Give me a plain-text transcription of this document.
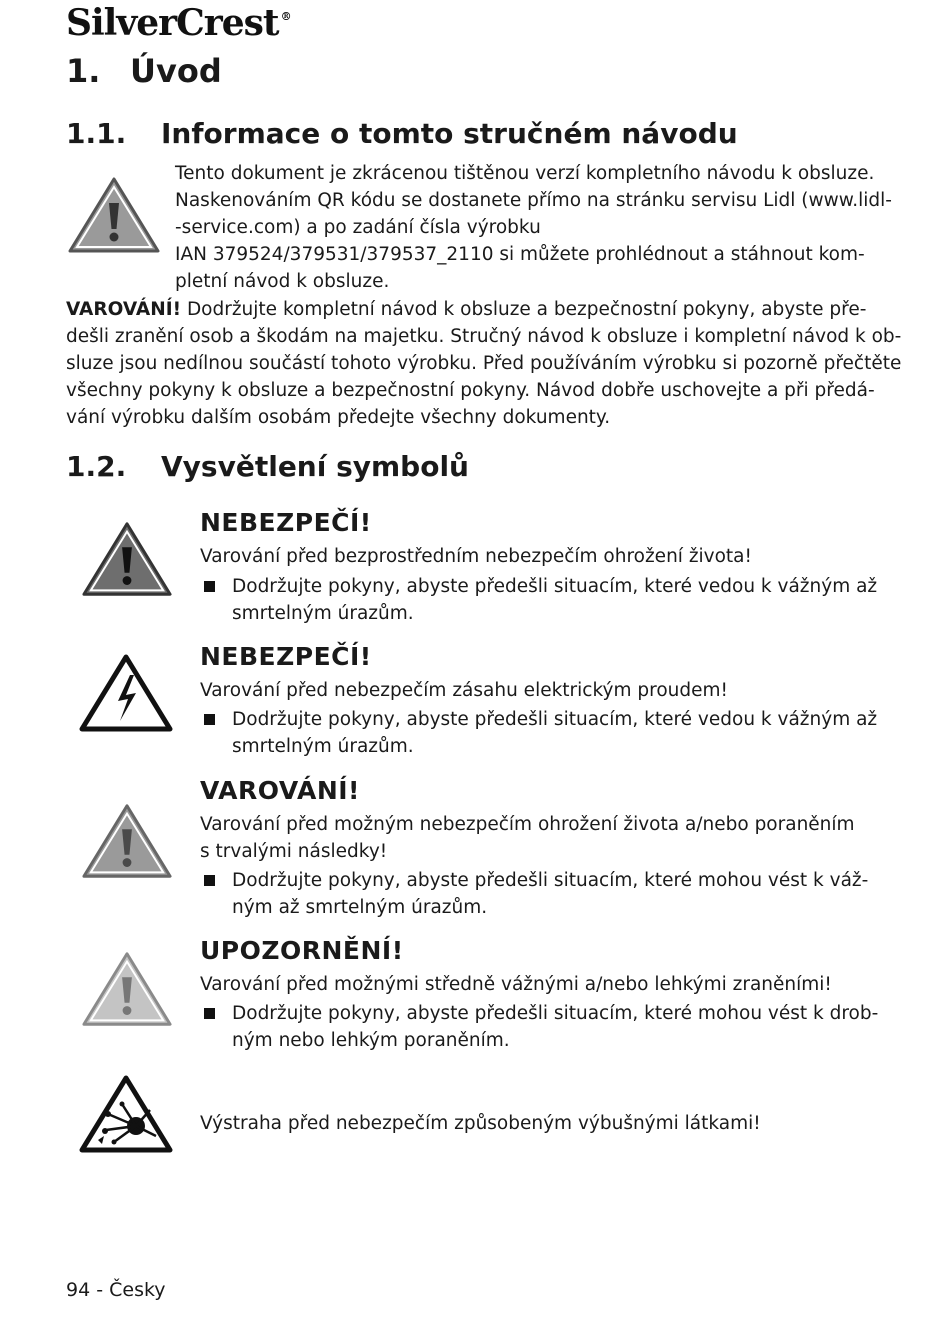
SilverCrest ®
1. Úvod
1.1. Informace o tomto stručném návodu
Tento dokument je zkrácenou tištěnou verzí kompletního návodu k obsluze.
Naskenováním QR kódu se dostanete přímo na stránku servisu Lidl (www.lidl-
-service.com) a po zadání čísla výrobku
IAN 379524/379531/379537_2110 si můžete prohlédnout a stáhnout kom-
pletní návod k obsluze.
VAROVÁNÍ! Dodržujte kompletní návod k obsluze a bezpečnostní pokyny, abyste pře-
dešli zranění osob a škodám na majetku. Stručný návod k obsluze i kompletní návod k ob-
sluze jsou nedílnou součástí tohoto výrobku. Před používáním výrobku si pozorně přečtěte
všechny pokyny k obsluze a bezpečnostní pokyny. Návod dobře uschovejte a při předá-
vání výrobku dalším osobám předejte všechny dokumenty.
1.2. Vysvětlení symbolů
NEBEZPEČÍ!
Varování před bezprostředním nebezpečím ohrožení života!
Dodržujte pokyny, abyste předešli situacím, které vedou k vážným až
smrtelným úrazům.
NEBEZPEČÍ!
Varování před nebezpečím zásahu elektrickým proudem!
Dodržujte pokyny, abyste předešli situacím, které vedou k vážným až
smrtelným úrazům.
VAROVÁNÍ!
Varování před možným nebezpečím ohrožení života a/nebo poraněním
s trvalými následky!
Dodržujte pokyny, abyste předešli situacím, které mohou vést k váž-
ným až smrtelným úrazům.
UPOZORNĚNÍ!
Varování před možnými středně vážnými a/nebo lehkými zraněními!
Dodržujte pokyny, abyste předešli situacím, které mohou vést k drob-
ným nebo lehkým poraněním.
Výstraha před nebezpečím způsobeným výbušnými látkami!
94 - Česky
